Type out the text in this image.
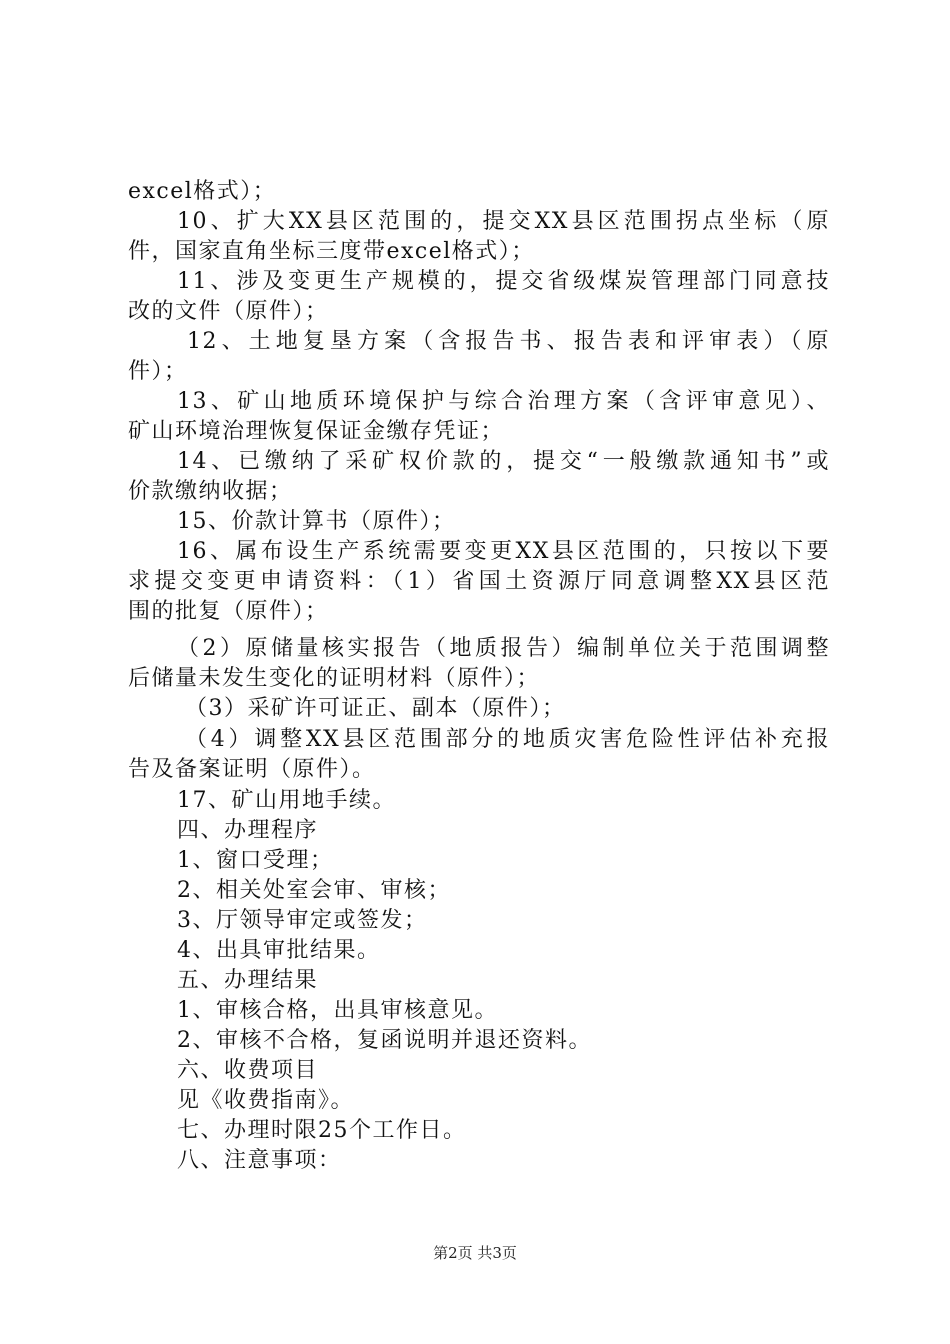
excel格式）；
10、扩大XX县区范围的，提交XX县区范围拐点坐标（原
件，国家直角坐标三度带excel格式）；
11、涉及变更生产规模的，提交省级煤炭管理部门同意技
改的文件（原件）；
12、土地复垦方案（含报告书、报告表和评审表）（原
件）；
13、矿山地质环境保护与综合治理方案（含评审意见）、
矿山环境治理恢复保证金缴存凭证；
14、已缴纳了采矿权价款的，提交“一般缴款通知书”或
价款缴纳收据；
15、价款计算书（原件）；
16、属布设生产系统需要变更XX县区范围的，只按以下要
求提交变更申请资料：（1）省国土资源厅同意调整XX县区范
围的批复（原件）；
（2）原储量核实报告（地质报告）编制单位关于范围调整
后储量未发生变化的证明材料（原件）；
（3）采矿许可证正、副本（原件）；
（4）调整XX县区范围部分的地质灾害危险性评估补充报
告及备案证明（原件）。
17、矿山用地手续。
四、办理程序
1、窗口受理；
2、相关处室会审、审核；
3、厅领导审定或签发；
4、出具审批结果。
五、办理结果
1、审核合格，出具审核意见。
2、审核不合格，复函说明并退还资料。
六、收费项目
见《收费指南》。
七、办理时限25个工作日。
八、注意事项：
第2页 共3页
